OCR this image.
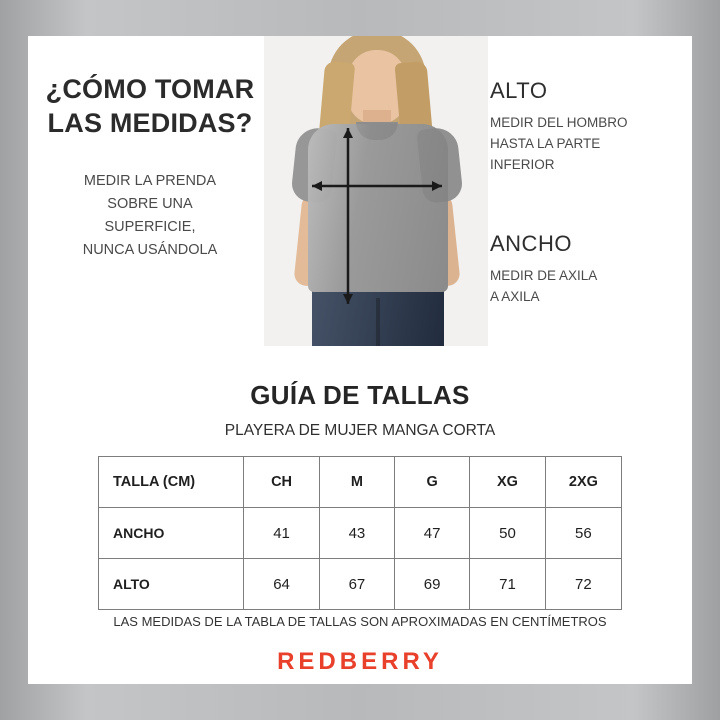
¿CÓMO TOMAR
LAS MEDIDAS?
MEDIR LA PRENDA
SOBRE UNA
SUPERFICIE,
NUNCA USÁNDOLA
ALTO
MEDIR DEL HOMBRO
HASTA LA PARTE
INFERIOR
ANCHO
MEDIR DE AXILA
A AXILA
GUÍA DE TALLAS
PLAYERA DE MUJER MANGA CORTA
TALLA (CM)	CH	M	G	XG	2XG
ANCHO	41	43	47	50	56
ALTO	64	67	69	71	72
LAS MEDIDAS DE LA TABLA DE TALLAS SON APROXIMADAS EN CENTÍMETROS
REDBERRY
